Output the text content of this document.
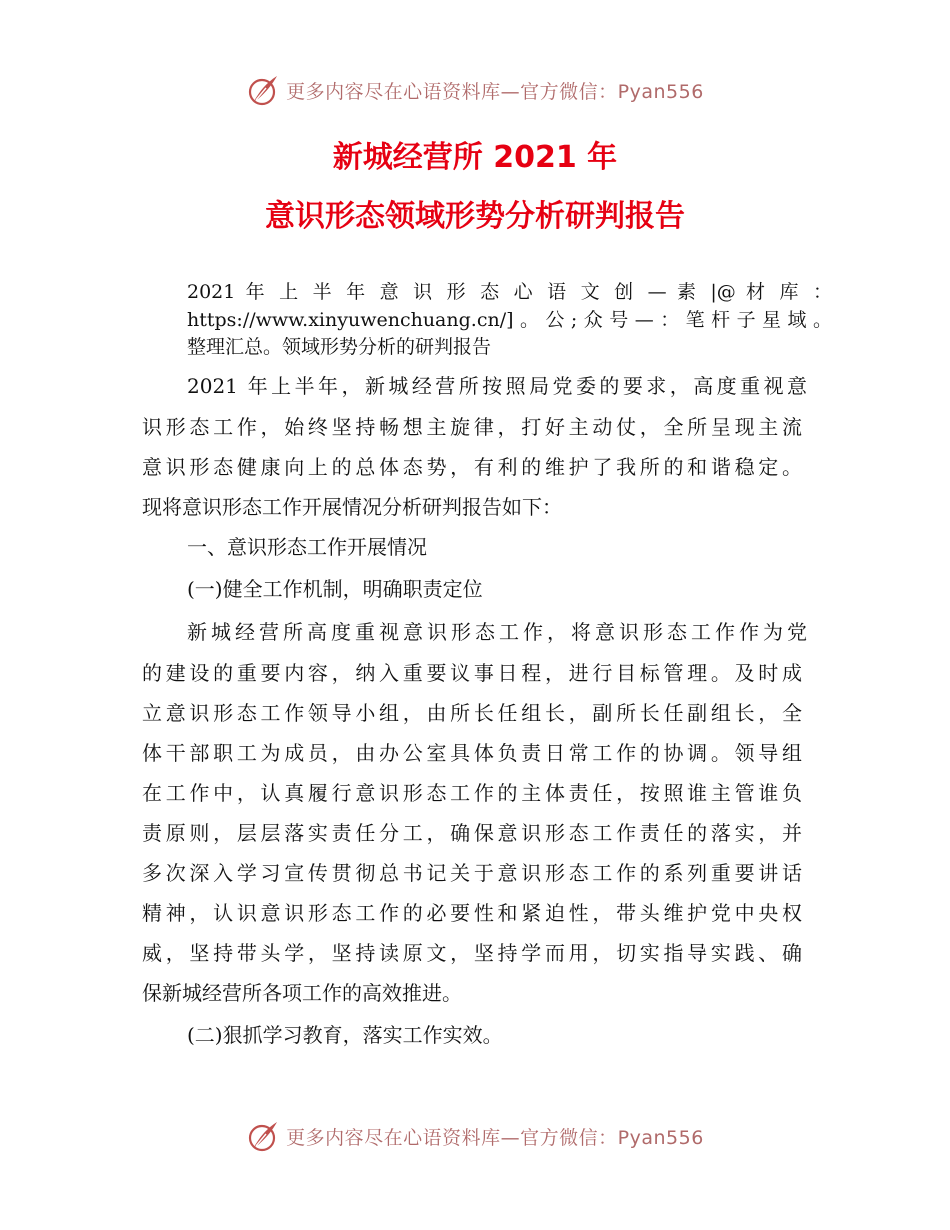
更多内容尽在心语资料库—官方微信：Pyan556
新城经营所 2021 年
意识形态领域形势分析研判报告
2021 年 上 半 年 意 识 形 态 心 语 文 创 — 素 |@ 材 库 ：
https://www.xinyuwenchuang.cn/]。公;众号—：笔杆子星域。
整理汇总。领域形势分析的研判报告
2021 年上半年，新城经营所按照局党委的要求，高度重视意
识形态工作，始终坚持畅想主旋律，打好主动仗，全所呈现主流
意识形态健康向上的总体态势，有利的维护了我所的和谐稳定。
现将意识形态工作开展情况分析研判报告如下：
一、意识形态工作开展情况
(一)健全工作机制，明确职责定位
新城经营所高度重视意识形态工作，将意识形态工作作为党
的建设的重要内容，纳入重要议事日程，进行目标管理。及时成
立意识形态工作领导小组，由所长任组长，副所长任副组长，全
体干部职工为成员，由办公室具体负责日常工作的协调。领导组
在工作中，认真履行意识形态工作的主体责任，按照谁主管谁负
责原则，层层落实责任分工，确保意识形态工作责任的落实，并
多次深入学习宣传贯彻总书记关于意识形态工作的系列重要讲话
精神，认识意识形态工作的必要性和紧迫性，带头维护党中央权
威，坚持带头学，坚持读原文，坚持学而用，切实指导实践、确
保新城经营所各项工作的高效推进。
(二)狠抓学习教育，落实工作实效。
更多内容尽在心语资料库—官方微信：Pyan556
